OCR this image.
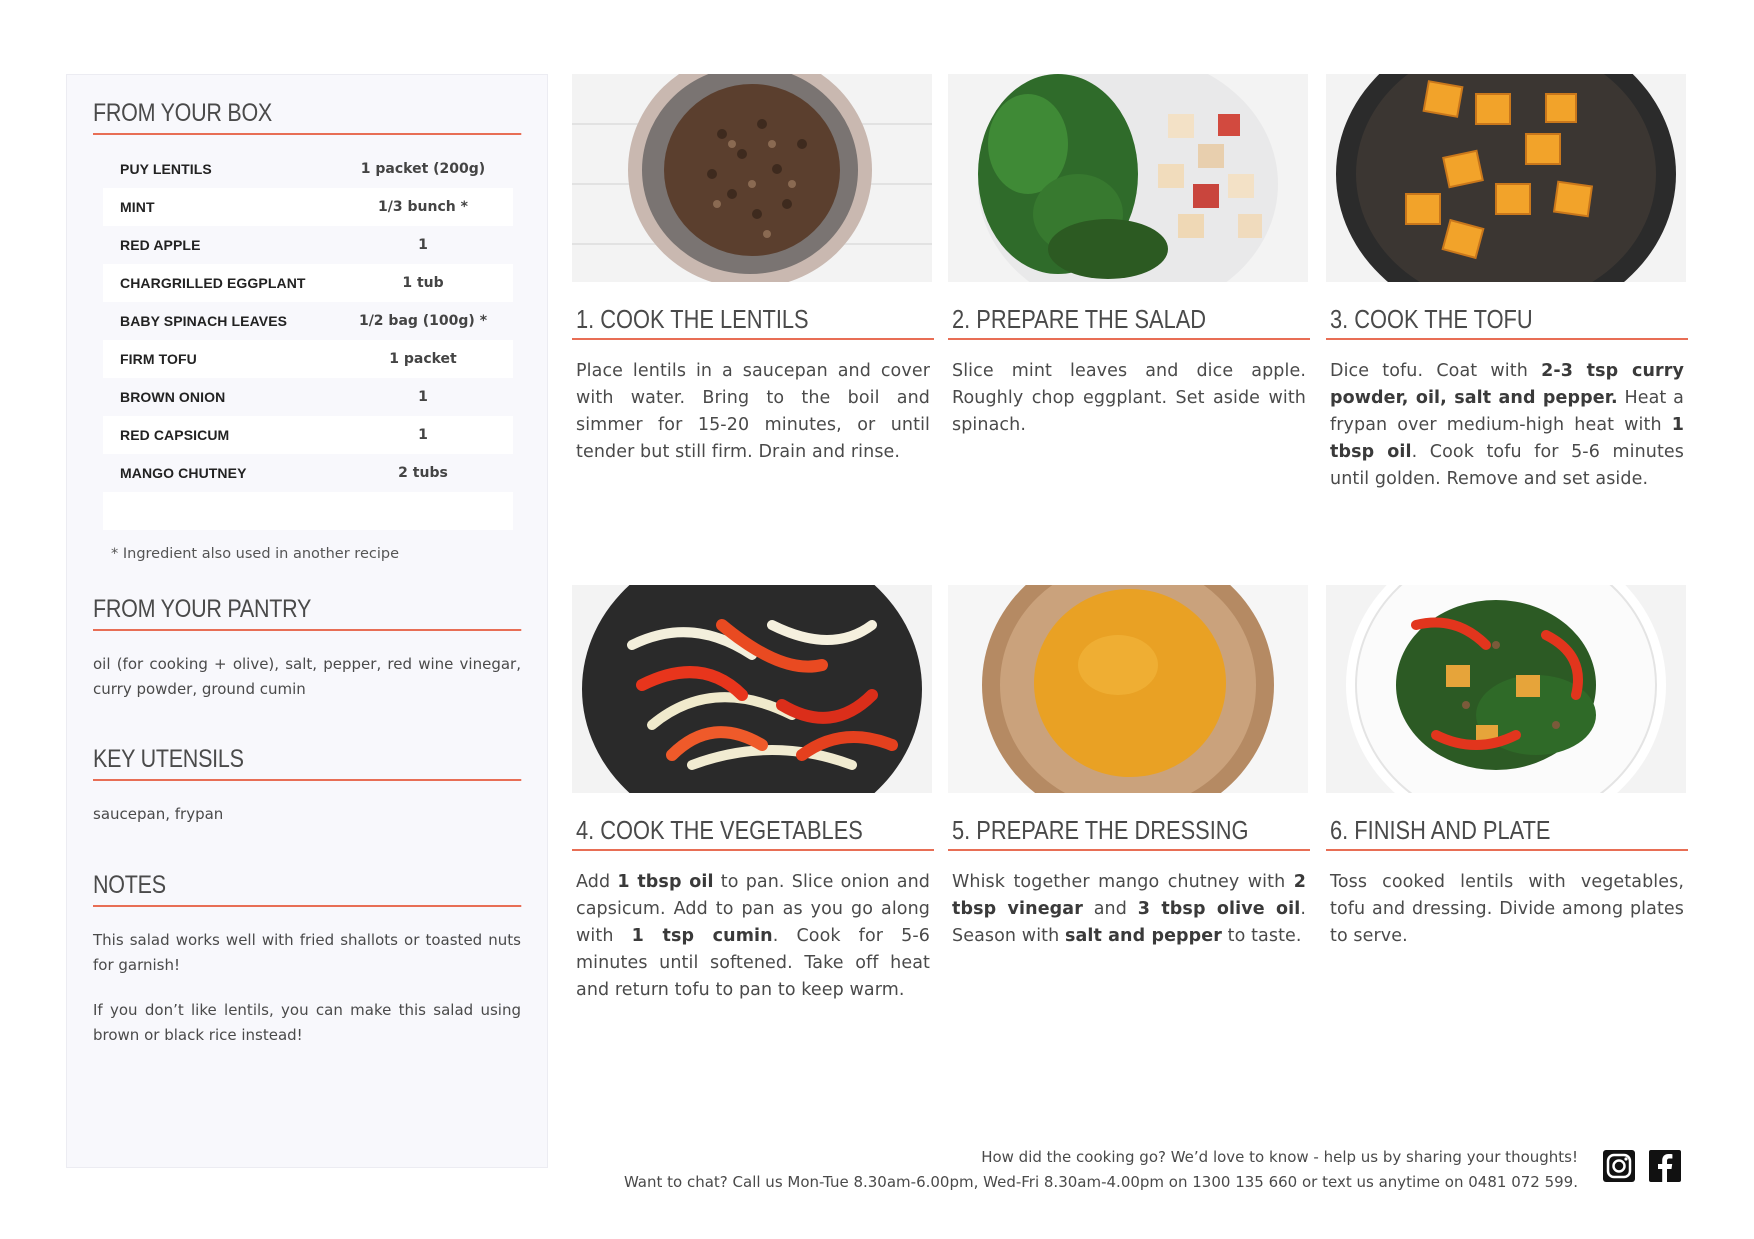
FROM YOUR BOX
PUY LENTILS	1 packet (200g)
MINT	1/3 bunch *
RED APPLE	1
CHARGRILLED EGGPLANT	1 tub
BABY SPINACH LEAVES	1/2 bag (100g) *
FIRM TOFU	1 packet
BROWN ONION	1
RED CAPSICUM	1
MANGO CHUTNEY	2 tubs

* Ingredient also used in another recipe
FROM YOUR PANTRY
oil (for cooking + olive), salt, pepper, red wine vinegar, curry powder, ground cumin
KEY UTENSILS
saucepan, frypan
NOTES
This salad works well with fried shallots or toasted nuts for garnish!
If you don’t like lentils, you can make this salad using brown or black rice instead!
1. COOK THE LENTILS

Place lentils in a saucepan and cover with water. Bring to the boil and simmer for 15-20 minutes, or until tender but still firm. Drain and rinse.

2. PREPARE THE SALAD

Slice mint leaves and dice apple. Roughly chop eggplant. Set aside with spinach.

3. COOK THE TOFU

Dice tofu. Coat with 2-3 tsp curry powder, oil, salt and pepper. Heat a frypan over medium-high heat with 1 tbsp oil. Cook tofu for 5-6 minutes until golden. Remove and set aside.

4. COOK THE VEGETABLES

Add 1 tbsp oil to pan. Slice onion and capsicum. Add to pan as you go along with 1 tsp cumin. Cook for 5-6 minutes until softened. Take off heat and return tofu to pan to keep warm.

5. PREPARE THE DRESSING

Whisk together mango chutney with 2 tbsp vinegar and 3 tbsp olive oil. Season with salt and pepper to taste.

6. FINISH AND PLATE

Toss cooked lentils with vegetables, tofu and dressing. Divide among plates to serve.

How did the cooking go? We’d love to know - help us by sharing your thoughts!
Want to chat? Call us Mon-Tue 8.30am-6.00pm, Wed-Fri 8.30am-4.00pm on 1300 135 660 or text us anytime on 0481 072 599.
